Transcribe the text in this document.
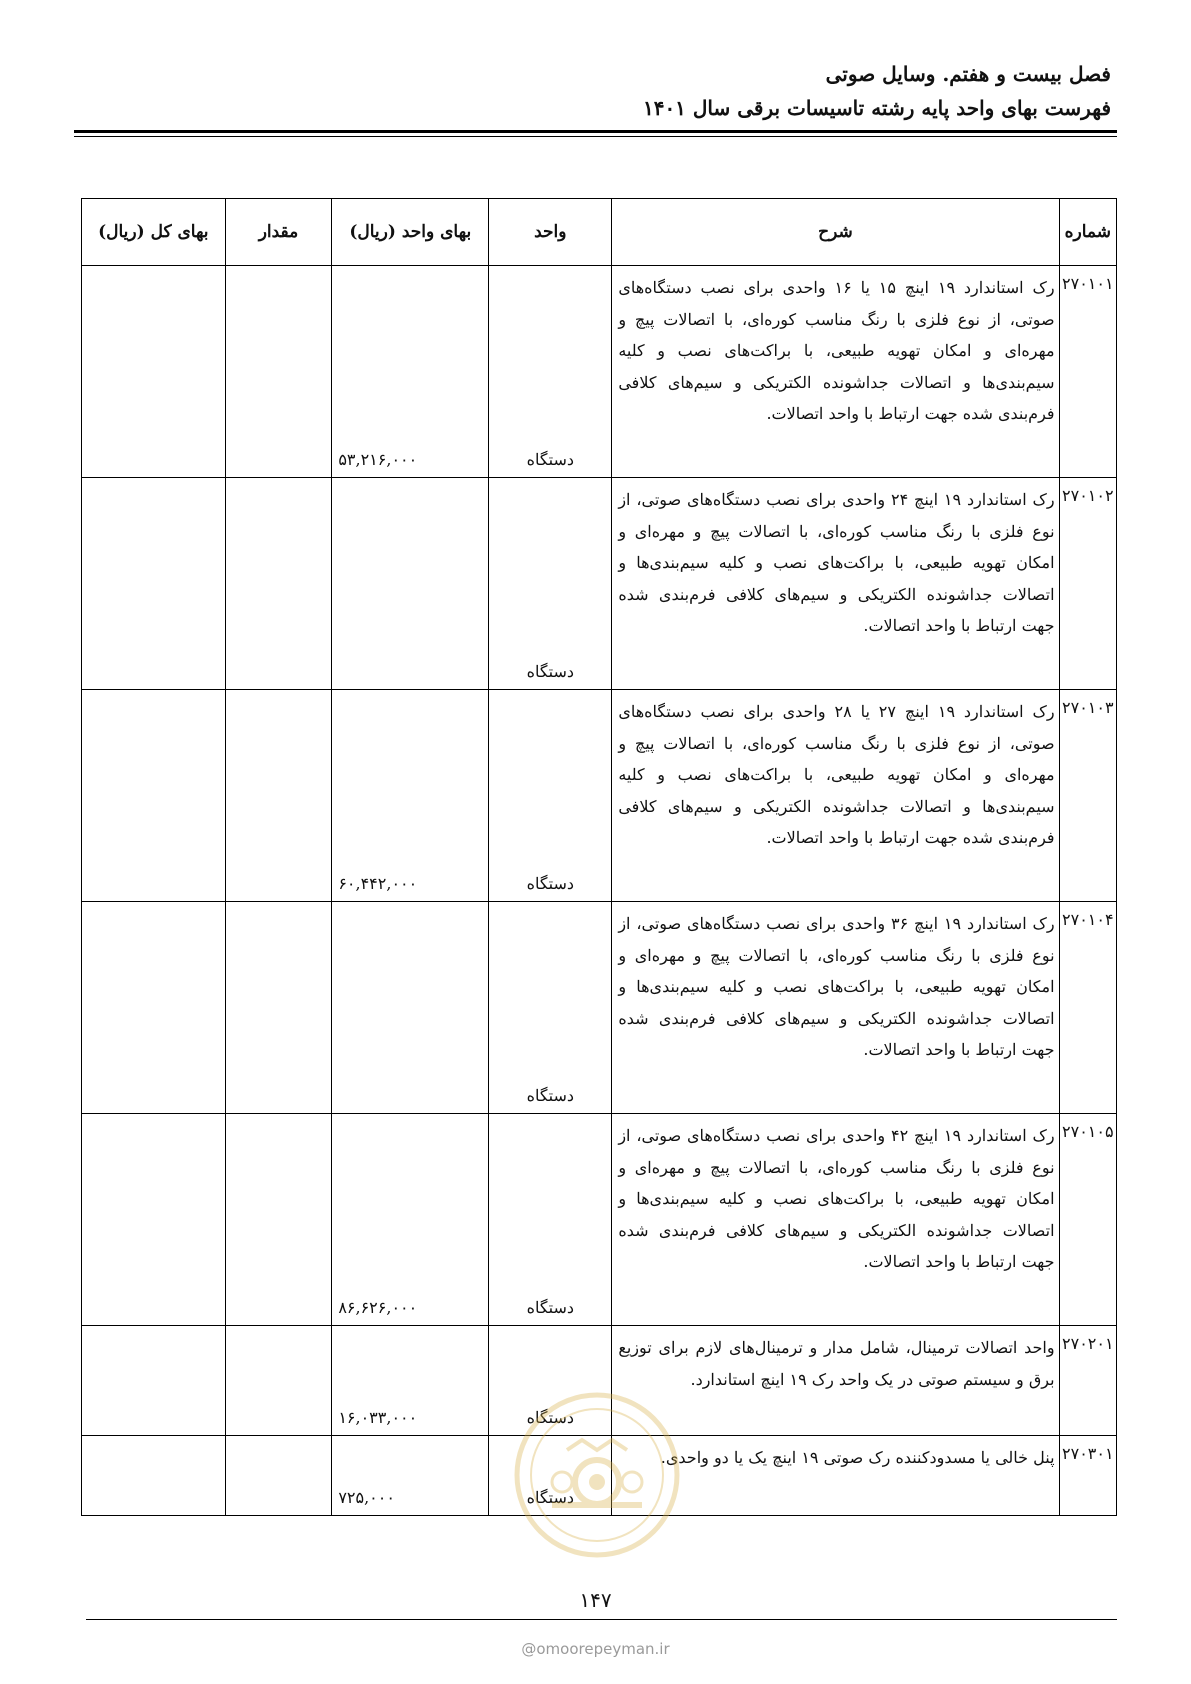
فصل بیست و هفتم. وسایل صوتی
فهرست بهای واحد پایه رشته تاسیسات برقی سال ۱۴۰۱
شماره	شرح	واحد	بهای واحد (ریال)	مقدار	بهای کل (ریال)
۲۷۰۱۰۱	رک استاندارد ۱۹ اینچ ۱۵ یا ۱۶ واحدی برای نصب دستگاه‌های صوتی، از نوع فلزی با رنگ مناسب کوره‌ای، با اتصالات پیچ و مهره‌ای و امکان تهویه طبیعی، با براکت‌های نصب و کلیه سیم‌بندی‌ها و اتصالات جداشونده الکتریکی و سیم‌های کلافی فرم‌بندی شده جهت ارتباط با واحد اتصالات.	دستگاه	۵۳,۲۱۶,۰۰۰		
۲۷۰۱۰۲	رک استاندارد ۱۹ اینچ ۲۴ واحدی برای نصب دستگاه‌های صوتی، از نوع فلزی با رنگ مناسب کوره‌ای، با اتصالات پیچ و مهره‌ای و امکان تهویه طبیعی، با براکت‌های نصب و کلیه سیم‌بندی‌ها و اتصالات جداشونده الکتریکی و سیم‌های کلافی فرم‌بندی شده جهت ارتباط با واحد اتصالات.	دستگاه			
۲۷۰۱۰۳	رک استاندارد ۱۹ اینچ ۲۷ یا ۲۸ واحدی برای نصب دستگاه‌های صوتی، از نوع فلزی با رنگ مناسب کوره‌ای، با اتصالات پیچ و مهره‌ای و امکان تهویه طبیعی، با براکت‌های نصب و کلیه سیم‌بندی‌ها و اتصالات جداشونده الکتریکی و سیم‌های کلافی فرم‌بندی شده جهت ارتباط با واحد اتصالات.	دستگاه	۶۰,۴۴۲,۰۰۰		
۲۷۰۱۰۴	رک استاندارد ۱۹ اینچ ۳۶ واحدی برای نصب دستگاه‌های صوتی، از نوع فلزی با رنگ مناسب کوره‌ای، با اتصالات پیچ و مهره‌ای و امکان تهویه طبیعی، با براکت‌های نصب و کلیه سیم‌بندی‌ها و اتصالات جداشونده الکتریکی و سیم‌های کلافی فرم‌بندی شده جهت ارتباط با واحد اتصالات.	دستگاه			
۲۷۰۱۰۵	رک استاندارد ۱۹ اینچ ۴۲ واحدی برای نصب دستگاه‌های صوتی، از نوع فلزی با رنگ مناسب کوره‌ای، با اتصالات پیچ و مهره‌ای و امکان تهویه طبیعی، با براکت‌های نصب و کلیه سیم‌بندی‌ها و اتصالات جداشونده الکتریکی و سیم‌های کلافی فرم‌بندی شده جهت ارتباط با واحد اتصالات.	دستگاه	۸۶,۶۲۶,۰۰۰		
۲۷۰۲۰۱	واحد اتصالات ترمینال، شامل مدار و ترمینال‌های لازم برای توزیع برق و سیستم صوتی در یک واحد رک ۱۹ اینچ استاندارد.	دستگاه	۱۶,۰۳۳,۰۰۰		
۲۷۰۳۰۱	پنل خالی یا مسدودکننده رک صوتی ۱۹ اینچ یک یا دو واحدی.	دستگاه	۷۲۵,۰۰۰		
۱۴۷
@omoorepeyman.ir
